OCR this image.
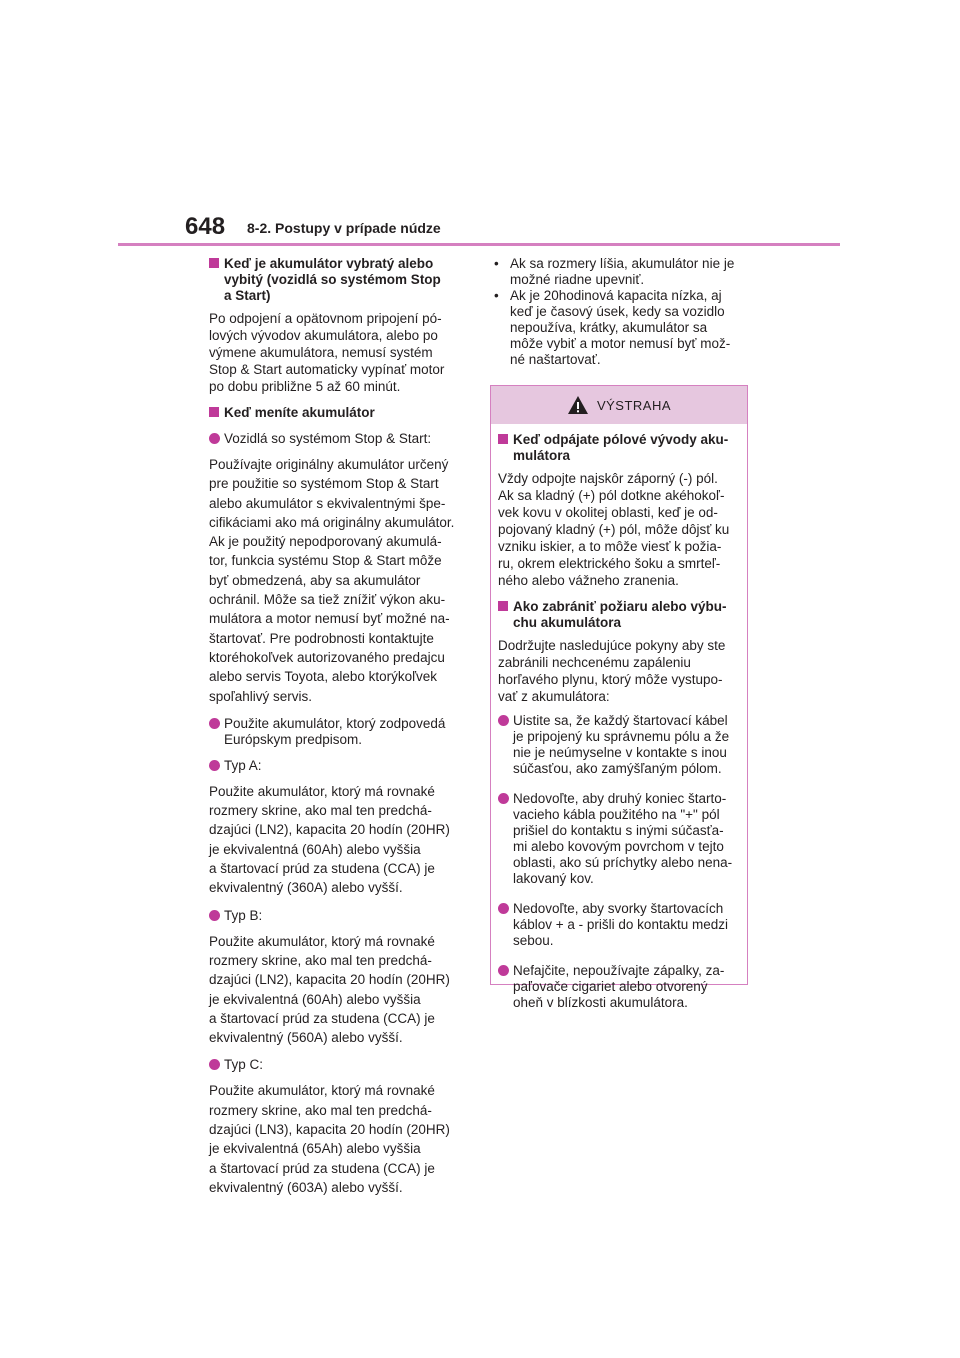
648 8-2. Postupy v prípade núdze
Keď je akumulátor vybratý alebo
vybitý (vozidlá so systémom Stop
a Start)
Po odpojení a opätovnom pripojení pó-
lových vývodov akumulátora, alebo po
výmene akumulátora, nemusí systém
Stop & Start automaticky vypínať motor
po dobu približne 5 až 60 minút.
Keď meníte akumulátor
Vozidlá so systémom Stop & Start:
Používajte originálny akumulátor určený
pre použitie so systémom Stop & Start
alebo akumulátor s ekvivalentnými špe-
cifikáciami ako má originálny akumulátor.
Ak je použitý nepodporovaný akumulá-
tor, funkcia systému Stop & Start môže
byť obmedzená, aby sa akumulátor
ochránil. Môže sa tiež znížiť výkon aku-
mulátora a motor nemusí byť možné na-
štartovať. Pre podrobnosti kontaktujte
ktoréhokoľvek autorizovaného predajcu
alebo servis Toyota, alebo ktorýkoľvek
spoľahlivý servis.
Použite akumulátor, ktorý zodpovedá
Európskym predpisom.
Typ A:
Použite akumulátor, ktorý má rovnaké
rozmery skrine, ako mal ten predchá-
dzajúci (LN2), kapacita 20 hodín (20HR)
je ekvivalentná (60Ah) alebo vyššia
a štartovací prúd za studena (CCA) je
ekvivalentný (360A) alebo vyšší.
Typ B:
Použite akumulátor, ktorý má rovnaké
rozmery skrine, ako mal ten predchá-
dzajúci (LN2), kapacita 20 hodín (20HR)
je ekvivalentná (60Ah) alebo vyššia
a štartovací prúd za studena (CCA) je
ekvivalentný (560A) alebo vyšší.
Typ C:
Použite akumulátor, ktorý má rovnaké
rozmery skrine, ako mal ten predchá-
dzajúci (LN3), kapacita 20 hodín (20HR)
je ekvivalentná (65Ah) alebo vyššia
a štartovací prúd za studena (CCA) je
ekvivalentný (603A) alebo vyšší.
• Ak sa rozmery líšia, akumulátor nie je
možné riadne upevniť.
• Ak je 20hodinová kapacita nízka, aj
keď je časový úsek, kedy sa vozidlo
nepoužíva, krátky, akumulátor sa
môže vybiť a motor nemusí byť mož-
né naštartovať.
VÝSTRAHA
Keď odpájate pólové vývody aku-
mulátora
Vždy odpojte najskôr záporný (-) pól.
Ak sa kladný (+) pól dotkne akéhokoľ-
vek kovu v okolitej oblasti, keď je od-
pojovaný kladný (+) pól, môže dôjsť ku
vzniku iskier, a to môže viesť k požia-
ru, okrem elektrického šoku a smrteľ-
ného alebo vážneho zranenia.
Ako zabrániť požiaru alebo výbu-
chu akumulátora
Dodržujte nasledujúce pokyny aby ste
zabránili nechcenému zapáleniu
horľavého plynu, ktorý môže vystupo-
vať z akumulátora:
Uistite sa, že každý štartovací kábel
je pripojený ku správnemu pólu a že
nie je neúmyselne v kontakte s inou
súčasťou, ako zamýšľaným pólom.
Nedovoľte, aby druhý koniec štarto-
vacieho kábla použitého na "+" pól
prišiel do kontaktu s inými súčasťa-
mi alebo kovovým povrchom v tejto
oblasti, ako sú príchytky alebo nena-
lakovaný kov.
Nedovoľte, aby svorky štartovacích
káblov + a - prišli do kontaktu medzi
sebou.
Nefajčite, nepoužívajte zápalky, za-
paľovače cigariet alebo otvorený
oheň v blízkosti akumulátora.
